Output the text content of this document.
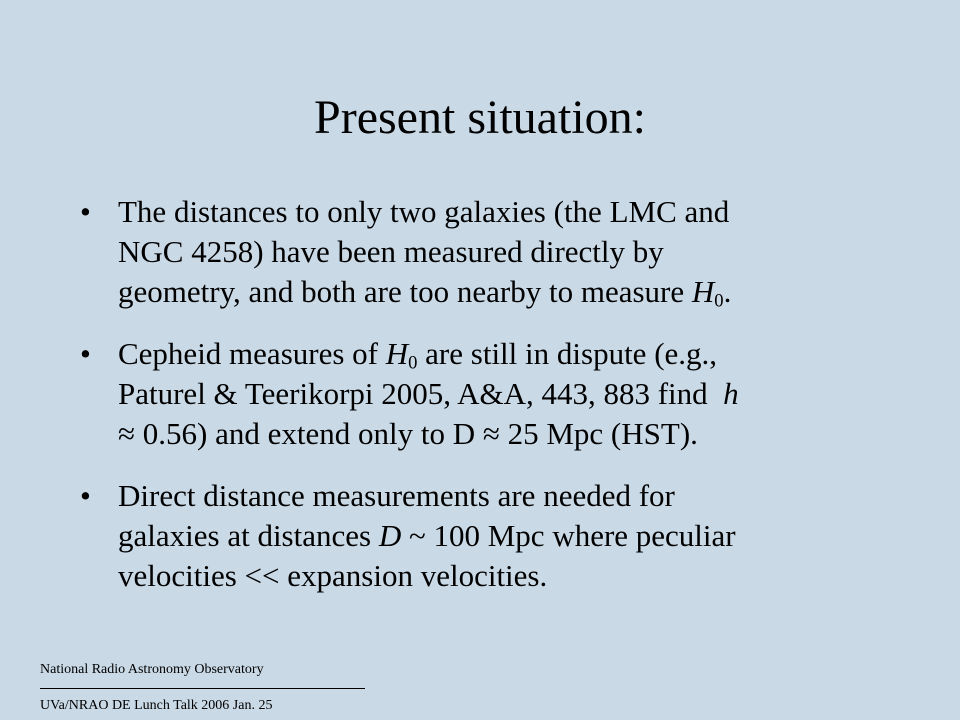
Present situation:
• The distances to only two galaxies (the LMC and
NGC 4258) have been measured directly by
geometry, and both are too nearby to measure $H_0$.
• Cepheid measures of $H_0$ are still in dispute (e.g.,
Paturel & Teerikorpi 2005, A&A, 443, 883 find  h
≈ 0.56) and extend only to D ≈ 25 Mpc (HST).
• Direct distance measurements are needed for
galaxies at distances D ~ 100 Mpc where peculiar
velocities << expansion velocities.
National Radio Astronomy Observatory
UVa/NRAO DE Lunch Talk 2006 Jan. 25
